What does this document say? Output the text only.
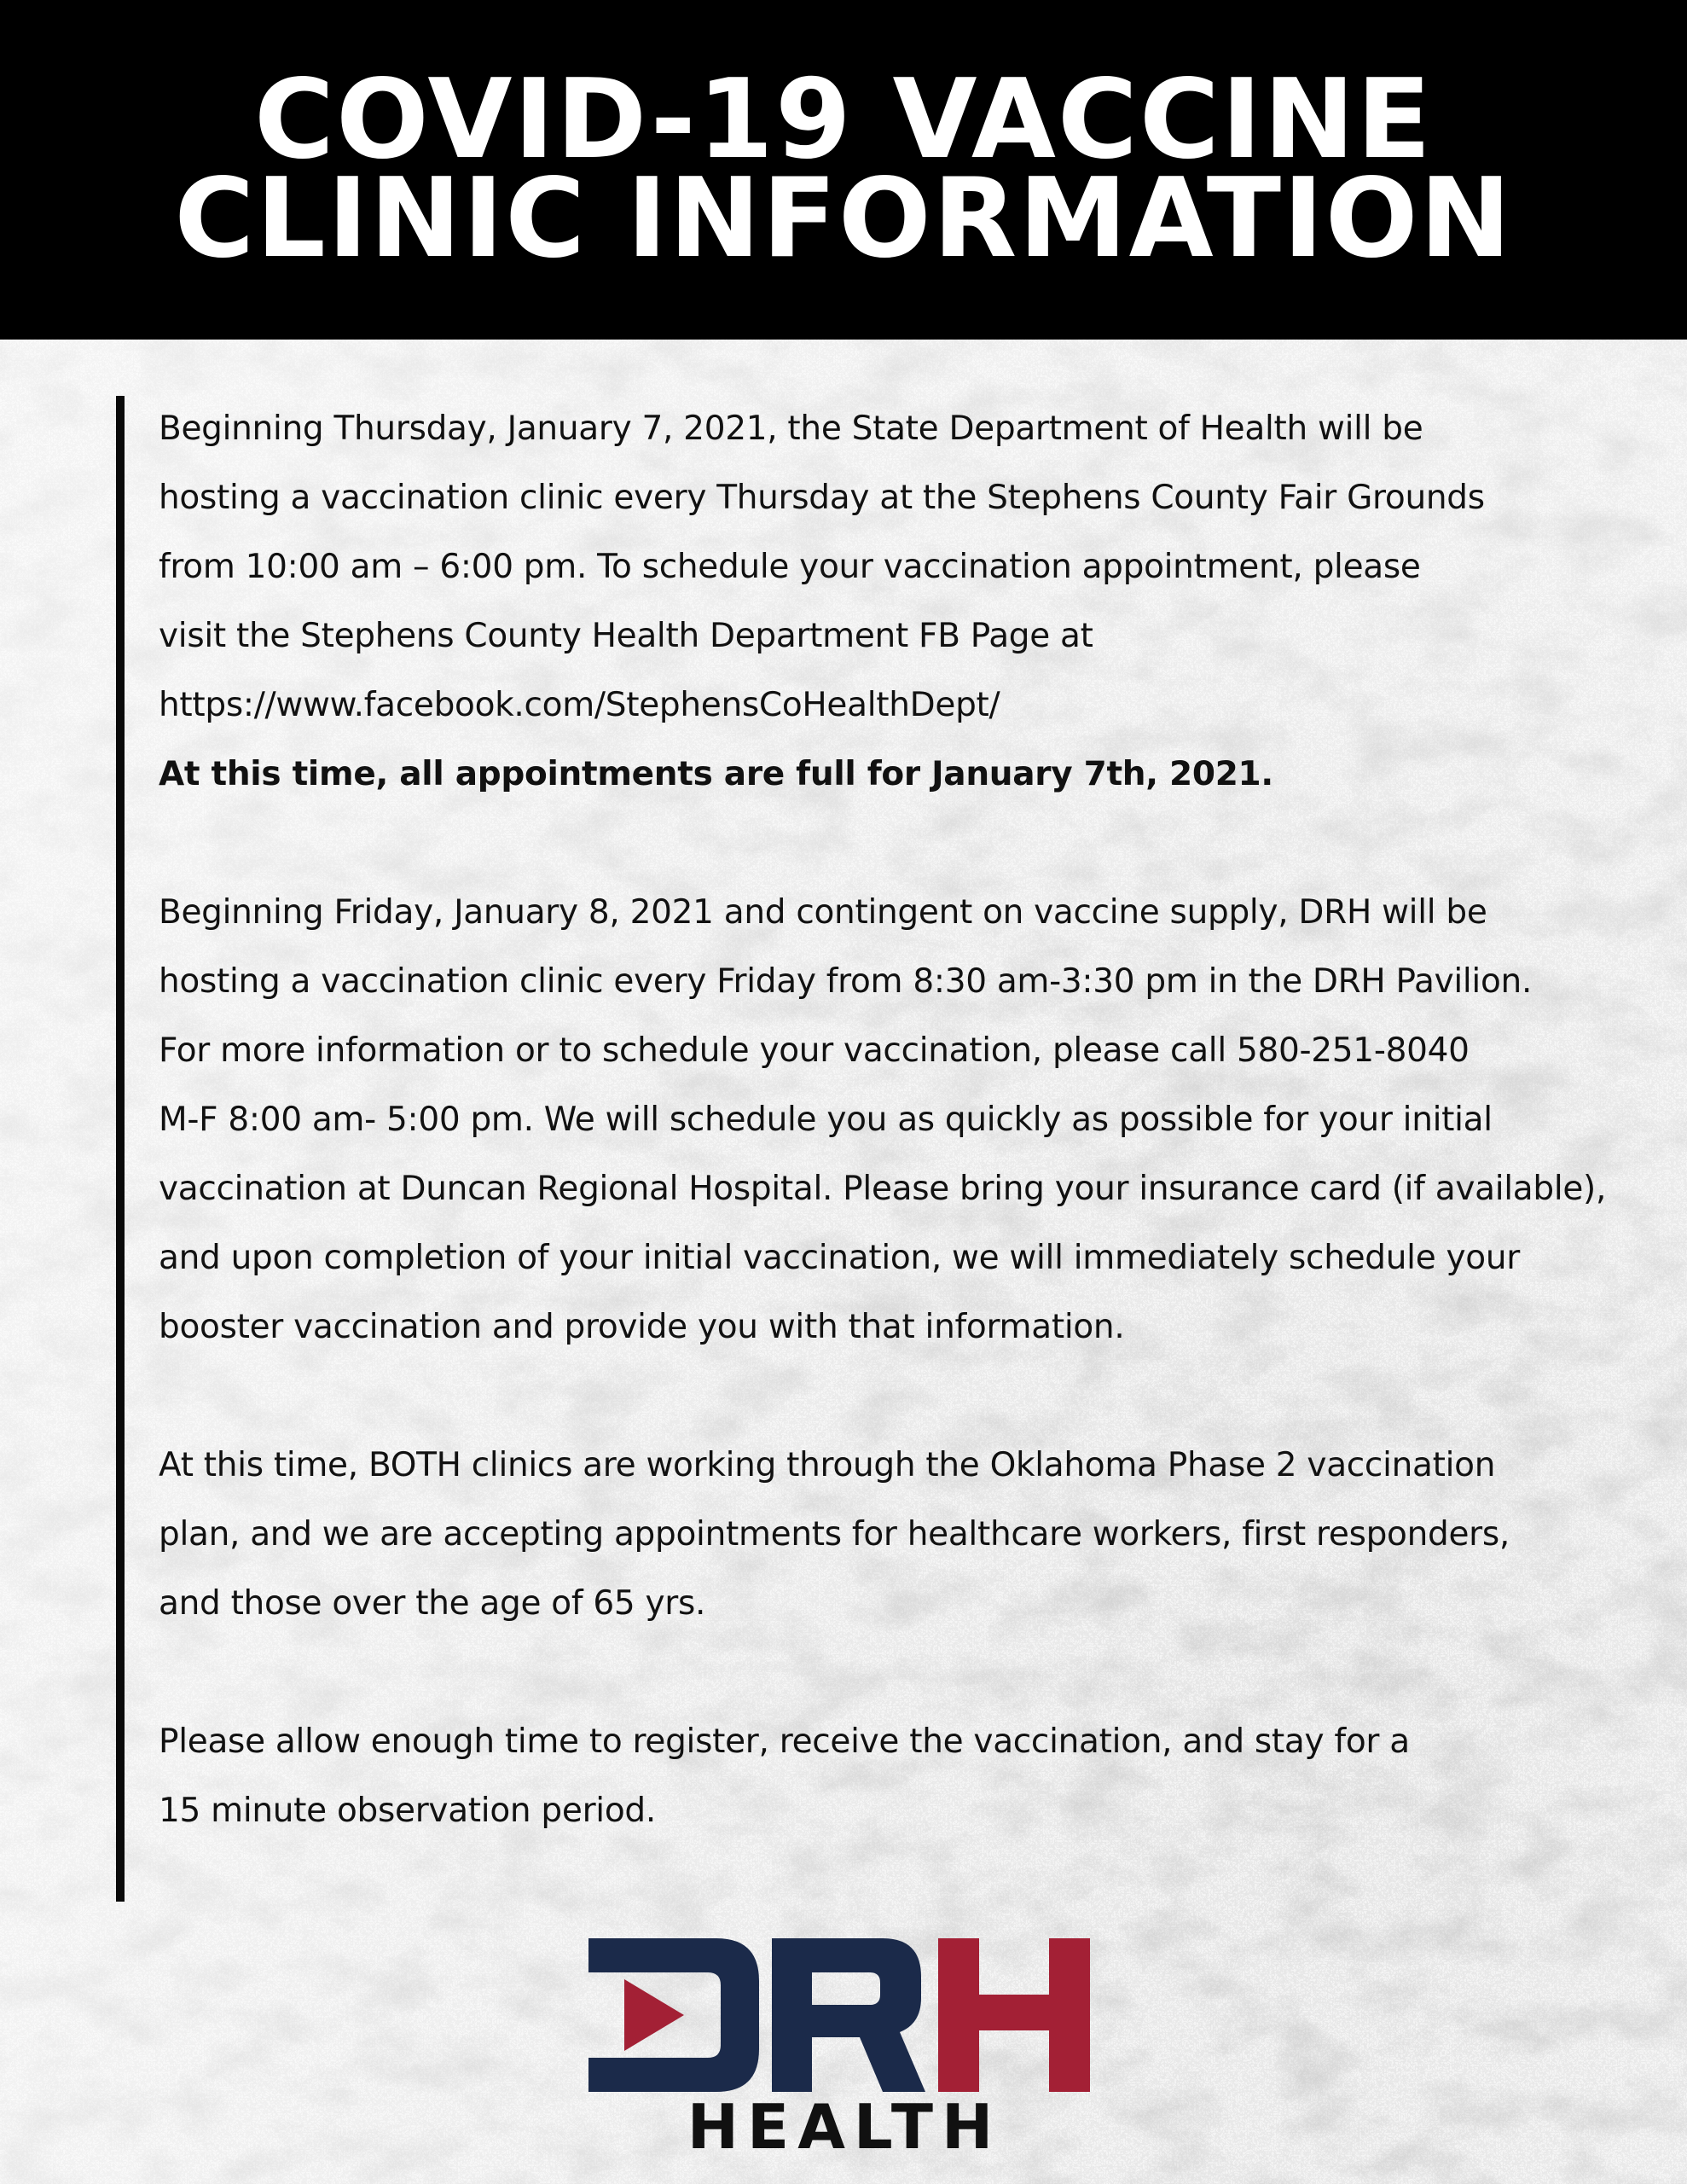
COVID-19 VACCINE
CLINIC INFORMATION
Beginning Thursday, January 7, 2021, the State Department of Health will be
hosting a vaccination clinic every Thursday at the Stephens County Fair Grounds
from 10:00 am – 6:00 pm. To schedule your vaccination appointment, please
visit the Stephens County Health Department FB Page at
https://www.facebook.com/StephensCoHealthDept/
At this time, all appointments are full for January 7th, 2021.
Beginning Friday, January 8, 2021 and contingent on vaccine supply, DRH will be
hosting a vaccination clinic every Friday from 8:30 am-3:30 pm in the DRH Pavilion.
For more information or to schedule your vaccination, please call 580-251-8040
M-F 8:00 am- 5:00 pm. We will schedule you as quickly as possible for your initial
vaccination at Duncan Regional Hospital. Please bring your insurance card (if available),
and upon completion of your initial vaccination, we will immediately schedule your
booster vaccination and provide you with that information.
At this time, BOTH clinics are working through the Oklahoma Phase 2 vaccination
plan, and we are accepting appointments for healthcare workers, first responders,
and those over the age of 65 yrs.
Please allow enough time to register, receive the vaccination, and stay for a
15 minute observation period.
HEALTH
